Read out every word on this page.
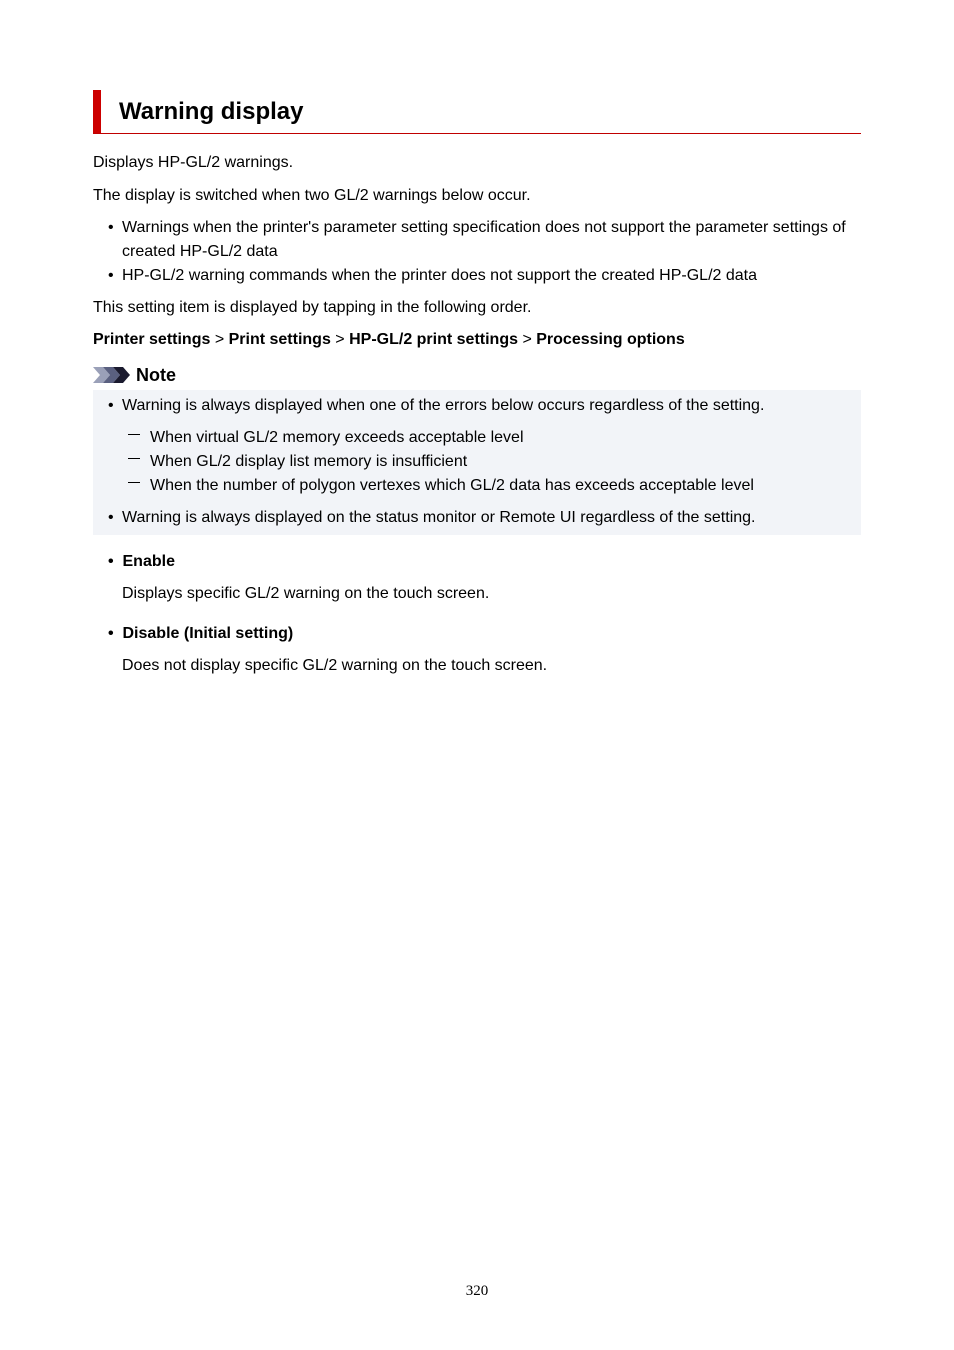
Warning display
Displays HP-GL/2 warnings.
The display is switched when two GL/2 warnings below occur.
• Warnings when the printer's parameter setting specification does not support the parameter settings of created HP-GL/2 data
• HP-GL/2 warning commands when the printer does not support the created HP-GL/2 data
This setting item is displayed by tapping in the following order.
Printer settings > Print settings > HP-GL/2 print settings > Processing options
Note
• Warning is always displayed when one of the errors below occurs regardless of the setting.
When virtual GL/2 memory exceeds acceptable level
When GL/2 display list memory is insufficient
When the number of polygon vertexes which GL/2 data has exceeds acceptable level
• Warning is always displayed on the status monitor or Remote UI regardless of the setting.
•  Enable
Displays specific GL/2 warning on the touch screen.
•  Disable (Initial setting)
Does not display specific GL/2 warning on the touch screen.
320
